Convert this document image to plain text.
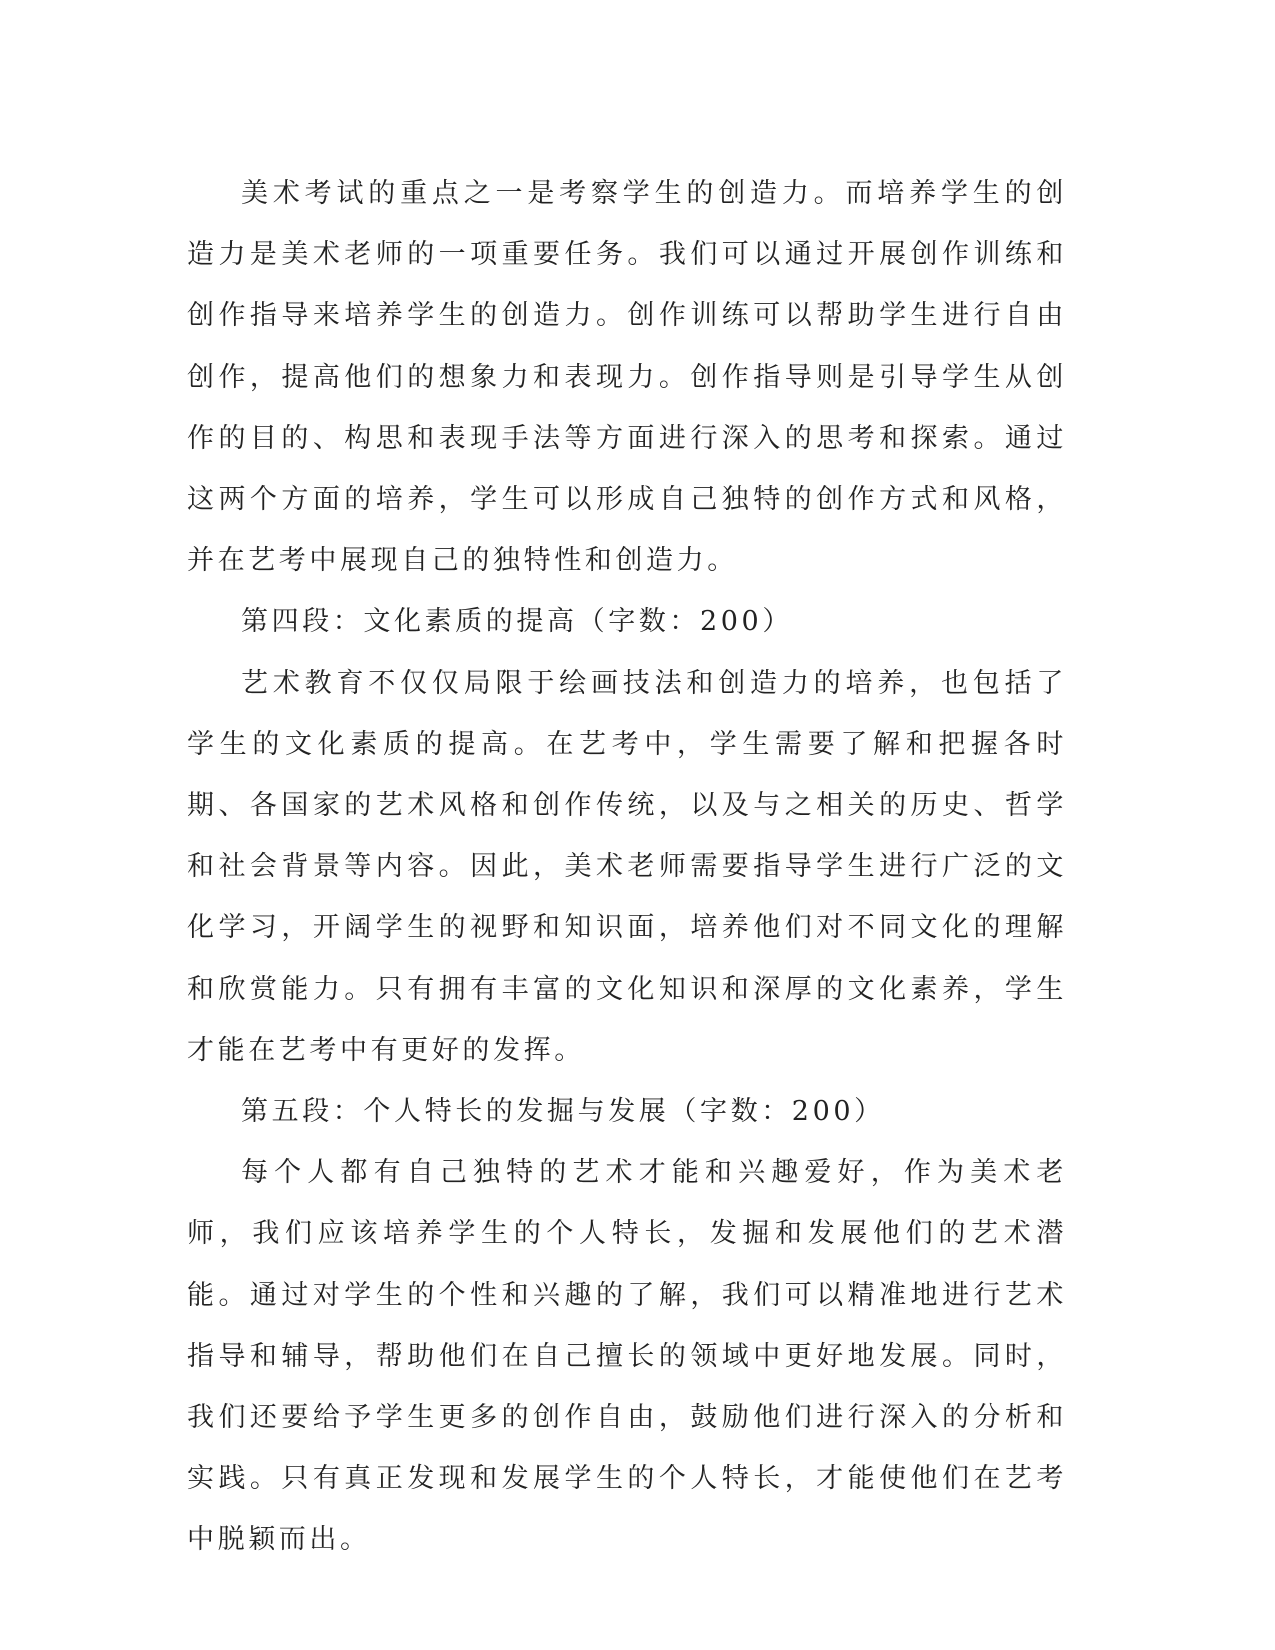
美术考试的重点之一是考察学生的创造力。而培养学生的创造力是美术老师的一项重要任务。我们可以通过开展创作训练和创作指导来培养学生的创造力。创作训练可以帮助学生进行自由创作，提高他们的想象力和表现力。创作指导则是引导学生从创作的目的、构思和表现手法等方面进行深入的思考和探索。通过这两个方面的培养，学生可以形成自己独特的创作方式和风格，并在艺考中展现自己的独特性和创造力。

第四段：文化素质的提高（字数：200）

艺术教育不仅仅局限于绘画技法和创造力的培养，也包括了学生的文化素质的提高。在艺考中，学生需要了解和把握各时期、各国家的艺术风格和创作传统，以及与之相关的历史、哲学和社会背景等内容。因此，美术老师需要指导学生进行广泛的文化学习，开阔学生的视野和知识面，培养他们对不同文化的理解和欣赏能力。只有拥有丰富的文化知识和深厚的文化素养，学生才能在艺考中有更好的发挥。

第五段：个人特长的发掘与发展（字数：200）

每个人都有自己独特的艺术才能和兴趣爱好，作为美术老师，我们应该培养学生的个人特长，发掘和发展他们的艺术潜能。通过对学生的个性和兴趣的了解，我们可以精准地进行艺术指导和辅导，帮助他们在自己擅长的领域中更好地发展。同时，我们还要给予学生更多的创作自由，鼓励他们进行深入的分析和实践。只有真正发现和发展学生的个人特长，才能使他们在艺考中脱颖而出。
